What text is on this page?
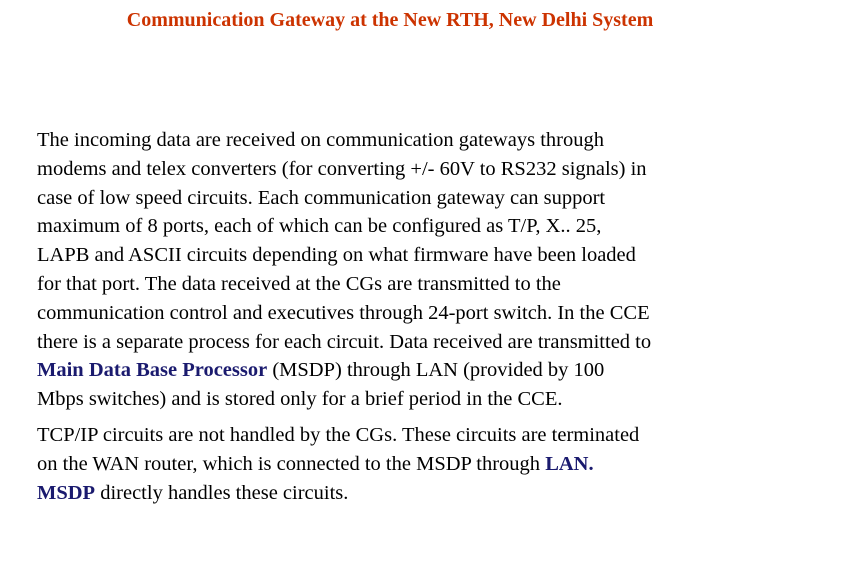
Communication Gateway at the New RTH, New Delhi System

The incoming data are received on communication gateways through
modems and telex converters (for converting +/- 60V to RS232 signals) in
case of low speed circuits. Each communication gateway can support
maximum of 8 ports, each of which can be configured as T/P, X.. 25,
LAPB and ASCII circuits depending on what firmware have been loaded
for that port. The data received at the CGs are transmitted to the
communication control and executives through 24-port switch. In the CCE
there is a separate process for each circuit. Data received are transmitted to
Main Data Base Processor (MSDP) through LAN (provided by 100
Mbps switches) and is stored only for a brief period in the CCE.

TCP/IP circuits are not handled by the CGs. These circuits are terminated
on the WAN router, which is connected to the MSDP through LAN.
MSDP directly handles these circuits.
